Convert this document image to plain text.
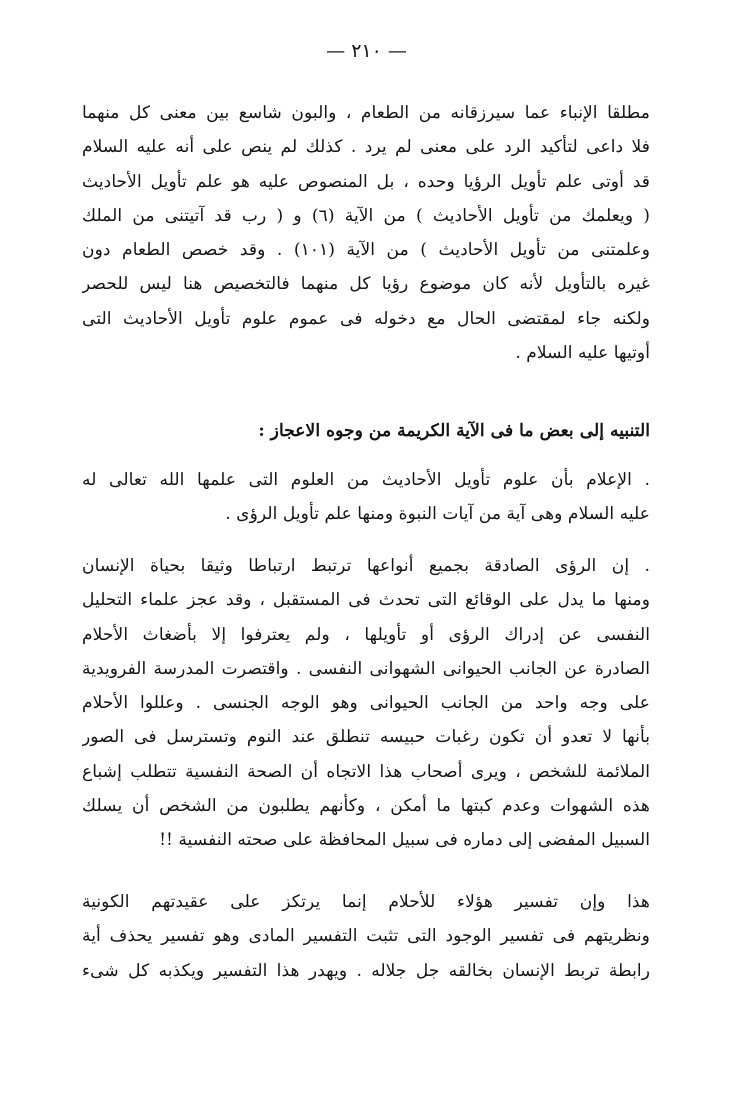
— ٢١٠ —
مطلقا الإنباء عما سيرزقانه من الطعام ، والبون شاسع بين معنى كل منهما
فلا داعى لتأكيد الرد على معنى لم يرد . كذلك لم ينص على أنه عليه السلام
قد أوتى علم تأويل الرؤيا وحده ، بل المنصوص عليه هو علم تأويل الأحاديث
( ويعلمك من تأويل الأحاديث ) من الآية (٦) و ( رب قد آتيتنى من الملك
وعلمتنى من تأويل الأحاديث ) من الآية (١٠١) . وقد خصص الطعام دون
غيره بالتأويل لأنه كان موضوع رؤيا كل منهما فالتخصيص هنا ليس للحصر
ولكنه جاء لمقتضى الحال مع دخوله فى عموم علوم تأويل الأحاديث التى
أوتيها عليه السلام .
التنبيه إلى بعض ما فى الآية الكريمة من وجوه الاعجاز :
. الإعلام بأن علوم تأويل الأحاديث من العلوم التى علمها الله تعالى له
عليه السلام وهى آية من آيات النبوة ومنها علم تأويل الرؤى .
. إن الرؤى الصادقة بجميع أنواعها ترتبط ارتباطا وثيقا بحياة الإنسان
ومنها ما يدل على الوقائع التى تحدث فى المستقبل ، وقد عجز علماء التحليل
النفسى عن إدراك الرؤى أو تأويلها ، ولم يعترفوا إلا بأضغاث الأحلام
الصادرة عن الجانب الحيوانى الشهوانى النفسى . واقتصرت المدرسة الفرويدية
على وجه واحد من الجانب الحيوانى وهو الوجه الجنسى . وعللوا الأحلام
بأنها لا تعدو أن تكون رغبات حبيسه تنطلق عند النوم وتسترسل فى الصور
الملائمة للشخص ، ويرى أصحاب هذا الاتجاه أن الصحة النفسية تتطلب إشباع
هذه الشهوات وعدم كبتها ما أمكن ، وكأنهم يطلبون من الشخص أن يسلك
السبيل المفضى إلى دماره فى سبيل المحافظة على صحته النفسية !!
هذا وإن تفسير هؤلاء للأحلام إنما يرتكز على عقيدتهم الكونية
ونظريتهم فى تفسير الوجود التى تثبت التفسير المادى وهو تفسير يحذف أية
رابطة تربط الإنسان بخالقه جل جلاله . ويهدر هذا التفسير ويكذبه كل شىء
